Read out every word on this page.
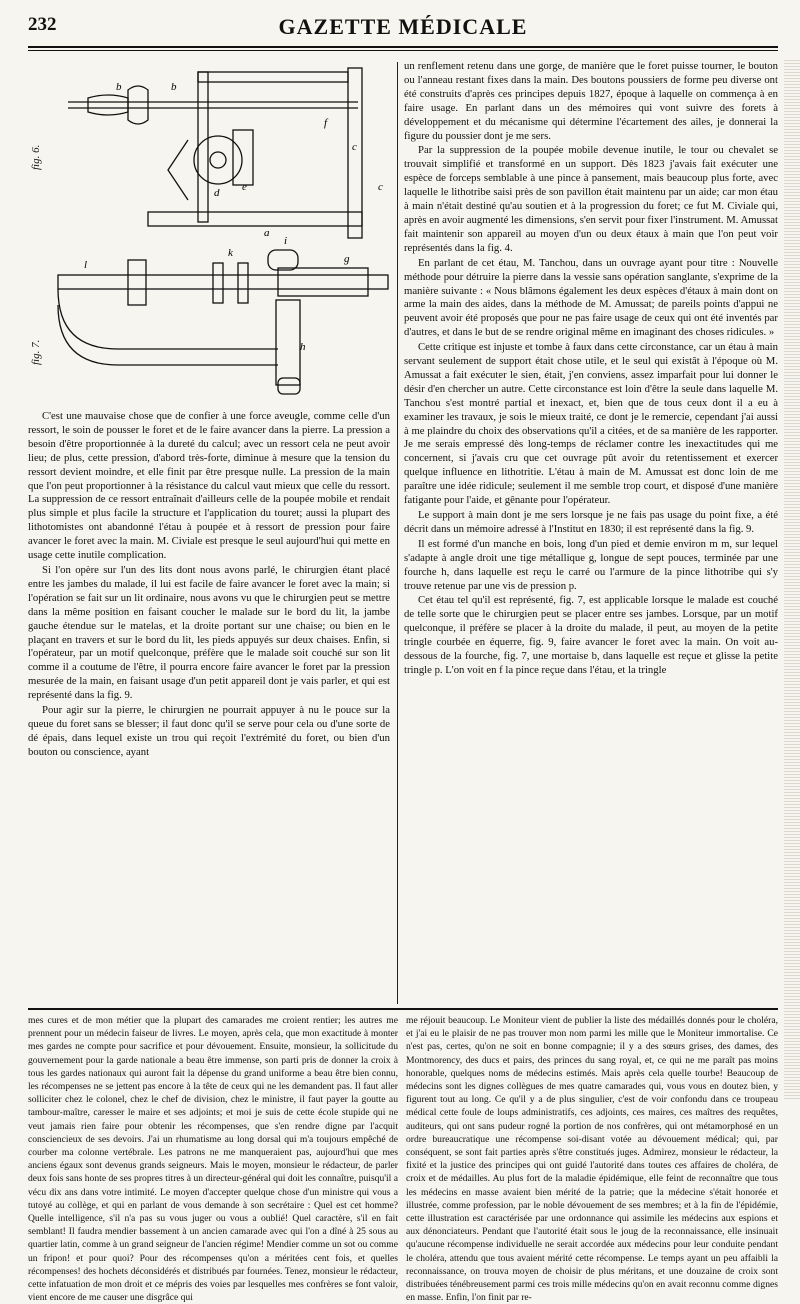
232	GAZETTE MÉDICALE
b	b
d e
a
c
c
f
i
l
k	g
h
fig. 6.
fig. 7.

C'est une mauvaise chose que de confier à une force aveugle, comme celle d'un ressort, le soin de pousser le foret et de le faire avancer dans la pierre. La pression a besoin d'être proportionnée à la dureté du calcul; avec un ressort cela ne peut avoir lieu; de plus, cette pression, d'abord très-forte, diminue à mesure que la tension du ressort devient moindre, et elle finit par être presque nulle. La pression de la main que l'on peut proportionner à la résistance du calcul vaut mieux que celle du ressort. La suppression de ce ressort entraînait d'ailleurs celle de la poupée mobile et rendait plus simple et plus facile la structure et l'application du touret; aussi la plupart des lithotomistes ont abandonné l'étau à poupée et à ressort de pression pour faire avancer le foret avec la main. M. Civiale est presque le seul aujourd'hui qui mette en usage cette inutile complication.

Si l'on opère sur l'un des lits dont nous avons parlé, le chirurgien étant placé entre les jambes du malade, il lui est facile de faire avancer le foret avec la main; si l'opération se fait sur un lit ordinaire, nous avons vu que le chirurgien peut se mettre dans la même position en faisant coucher le malade sur le bord du lit, la jambe gauche étendue sur le matelas, et la droite portant sur une chaise; ou bien en le plaçant en travers et sur le bord du lit, les pieds appuyés sur deux chaises. Enfin, si l'opérateur, par un motif quelconque, préfère que le malade soit couché sur son lit comme il a coutume de l'être, il pourra encore faire avancer le foret par la pression mesurée de la main, en faisant usage d'un petit appareil dont je vais parler, et qui est représenté dans la fig. 9.

Pour agir sur la pierre, le chirurgien ne pourrait appuyer à nu le pouce sur la queue du foret sans se blesser; il faut donc qu'il se serve pour cela ou d'une sorte de dé épais, dans lequel existe un trou qui reçoit l'extrémité du foret, ou bien d'un bouton ou conscience, ayant

un renflement retenu dans une gorge, de manière que le foret puisse tourner, le bouton ou l'anneau restant fixes dans la main. Des boutons poussiers de forme peu diverse ont été construits d'après ces principes depuis 1827, époque à laquelle on commença à en faire usage. En parlant dans un des mémoires qui vont suivre des forets à développement et du mécanisme qui détermine l'écartement des ailes, je donnerai la figure du poussier dont je me sers.

Par la suppression de la poupée mobile devenue inutile, le tour ou chevalet se trouvait simplifié et transformé en un support. Dès 1823 j'avais fait exécuter une espèce de forceps semblable à une pince à pansement, mais beaucoup plus forte, avec laquelle le lithotribe saisi près de son pavillon était maintenu par un aide; car mon étau à main n'était destiné qu'au soutien et à la progression du foret; ce fut M. Civiale qui, après en avoir augmenté les dimensions, s'en servit pour fixer l'instrument. M. Amussat fait maintenir son appareil au moyen d'un ou deux étaux à main que l'on peut voir représentés dans la fig. 4.

En parlant de cet étau, M. Tanchou, dans un ouvrage ayant pour titre : Nouvelle méthode pour détruire la pierre dans la vessie sans opération sanglante, s'exprime de la manière suivante : « Nous blâmons également les deux espèces d'étaux à main dont on arme la main des aides, dans la méthode de M. Amussat; de pareils points d'appui ne peuvent avoir été proposés que pour ne pas faire usage de ceux qui ont été inventés par d'autres, et dans le but de se rendre original même en imaginant des choses ridicules. »

Cette critique est injuste et tombe à faux dans cette circonstance, car un étau à main servant seulement de support était chose utile, et le seul qui existât à l'époque où M. Amussat a fait exécuter le sien, était, j'en conviens, assez imparfait pour lui donner le désir d'en chercher un autre. Cette circonstance est loin d'être la seule dans laquelle M. Tanchou s'est montré partial et inexact, et, bien que de tous ceux dont il a eu à examiner les travaux, je sois le mieux traité, ce dont je le remercie, cependant j'ai aussi à me plaindre du choix des observations qu'il a citées, et de sa manière de les rapporter. Je me serais empressé dès long-temps de réclamer contre les inexactitudes qui me concernent, si j'avais cru que cet ouvrage pût avoir du retentissement et exercer quelque influence en lithotritie. L'étau à main de M. Amussat est donc loin de me paraître une idée ridicule; seulement il me semble trop court, et disposé d'une manière fatigante pour l'aide, et gênante pour l'opérateur.

Le support à main dont je me sers lorsque je ne fais pas usage du point fixe, a été décrit dans un mémoire adressé à l'Institut en 1830; il est représenté dans la fig. 9.

Il est formé d'un manche en bois, long d'un pied et demie environ m m, sur lequel s'adapte à angle droit une tige métallique g, longue de sept pouces, terminée par une fourche h, dans laquelle est reçu le carré ou l'armure de la pince lithotribe qui s'y trouve retenue par une vis de pression p.

Cet étau tel qu'il est représenté, fig. 7, est applicable lorsque le malade est couché de telle sorte que le chirurgien peut se placer entre ses jambes. Lorsque, par un motif quelconque, il préfère se placer à la droite du malade, il peut, au moyen de la petite tringle courbée en équerre, fig. 9, faire avancer le foret avec la main. On voit au-dessous de la fourche, fig. 7, une mortaise b, dans laquelle est reçue et glisse la petite tringle p. L'on voit en f la pince reçue dans l'étau, et la tringle

mes cures et de mon métier que la plupart des camarades me croient rentier; les autres me prennent pour un médecin faiseur de livres. Le moyen, après cela, que mon exactitude à monter mes gardes ne compte pour sacrifice et pour dévouement. Ensuite, monsieur, la sollicitude du gouvernement pour la garde nationale a beau être immense, son parti pris de donner la croix à tous les gardes nationaux qui auront fait la dépense du grand uniforme a beau être bien connu, les récompenses ne se jettent pas encore à la tête de ceux qui ne les demandent pas. Il faut aller solliciter chez le colonel, chez le chef de division, chez le ministre, il faut payer la goutte au tambour-maître, caresser le maire et ses adjoints; et moi je suis de cette école stupide qui ne veut jamais rien faire pour obtenir les récompenses, que s'en rendre digne par l'acquit consciencieux de ses devoirs. J'ai un rhumatisme au long dorsal qui m'a toujours empêché de courber ma colonne vertébrale. Les patrons ne me manqueraient pas, aujourd'hui que mes anciens égaux sont devenus grands seigneurs. Mais le moyen, monsieur le rédacteur, de parler deux fois sans honte de ses propres titres à un directeur-général qui doit les connaître, puisqu'il a vécu dix ans dans votre intimité. Le moyen d'accepter quelque chose d'un ministre qui vous a tutoyé au collège, et qui en parlant de vous demande à son secrétaire : Quel est cet homme? Quelle intelligence, s'il n'a pas su vous juger ou vous a oublié! Quel caractère, s'il en fait semblant! Il faudra mendier bassement à un ancien camarade avec qui l'on a dîné à 25 sous au quartier latin, comme à un grand seigneur de l'ancien régime! Mendier comme un sot ou comme un fripon! et pour quoi? Pour des récompenses qu'on a méritées cent fois, et quelles récompenses! des hochets déconsidérés et distribués par fournées. Tenez, monsieur le rédacteur, cette infatuation de mon droit et ce mépris des voies par lesquelles mes confrères se font valoir, vient encore de me causer une disgrâce qui

me réjouit beaucoup. Le Moniteur vient de publier la liste des médaillés donnés pour le choléra, et j'ai eu le plaisir de ne pas trouver mon nom parmi les mille que le Moniteur immortalise. Ce n'est pas, certes, qu'on ne soit en bonne compagnie; il y a des sœurs grises, des dames, des Montmorency, des ducs et pairs, des princes du sang royal, et, ce qui ne me paraît pas moins honorable, quelques noms de médecins estimés. Mais après cela quelle tourbe! Beaucoup de médecins sont les dignes collègues de mes quatre camarades qui, vous vous en doutez bien, y figurent tout au long. Ce qu'il y a de plus singulier, c'est de voir confondu dans ce troupeau médical cette foule de loups administratifs, ces adjoints, ces maires, ces maîtres des requêtes, auditeurs, qui ont sans pudeur rogné la portion de nos confrères, qui ont métamorphosé en un ordre bureaucratique une récompense soi-disant votée au dévouement médical; qui, par conséquent, se sont fait parties après s'être constitués juges. Admirez, monsieur le rédacteur, la fixité et la justice des principes qui ont guidé l'autorité dans toutes ces affaires de choléra, de croix et de médailles. Au plus fort de la maladie épidémique, elle feint de reconnaître que tous les médecins en masse avaient bien mérité de la patrie; que la médecine s'était honorée et illustrée, comme profession, par le noble dévouement de ses membres; et à la fin de l'épidémie, cette illustration est caractérisée par une ordonnance qui assimile les médecins aux espions et aux dénonciateurs. Pendant que l'autorité était sous le joug de la reconnaissance, elle insinuait qu'aucune récompense individuelle ne serait accordée aux médecins pour leur conduite pendant le choléra, attendu que tous avaient mérité cette récompense. Le temps ayant un peu affaibli la reconnaissance, on trouva moyen de choisir de plus méritans, et une douzaine de croix sont distribuées ténébreusement parmi ces trois mille médecins qu'on en avait reconnu comme dignes en masse. Enfin, l'on finit par re-
